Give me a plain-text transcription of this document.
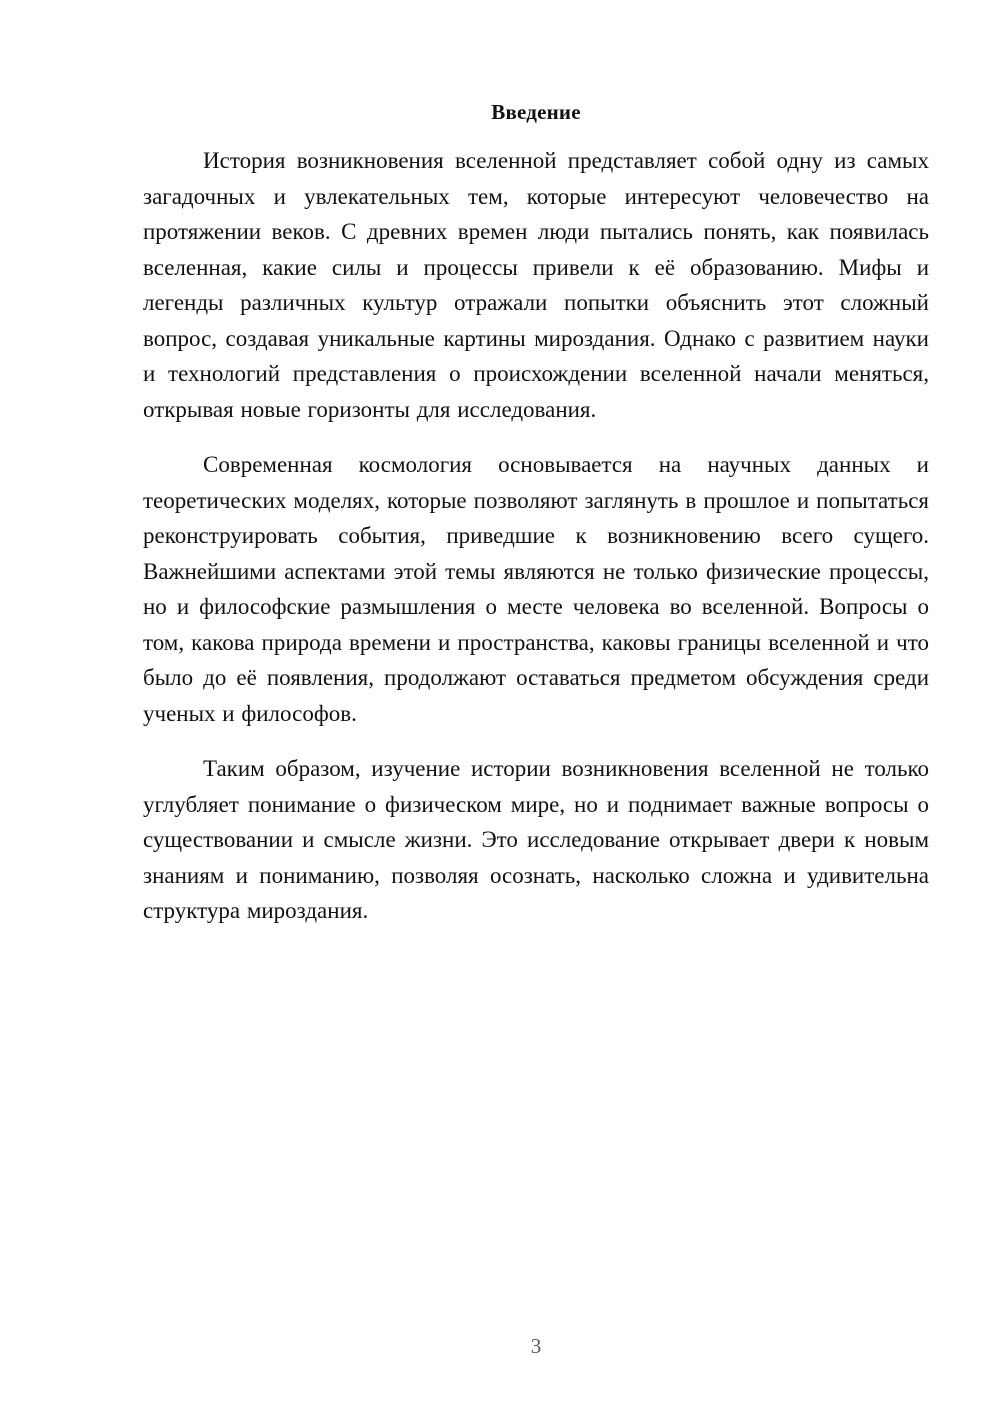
Введение

История возникновения вселенной представляет собой одну из самых загадочных и увлекательных тем, которые интересуют человечество на протяжении веков. С древних времен люди пытались понять, как появилась вселенная, какие силы и процессы привели к её образованию. Мифы и легенды различных культур отражали попытки объяснить этот сложный вопрос, создавая уникальные картины мироздания. Однако с развитием науки и технологий представления о происхождении вселенной начали меняться, открывая новые горизонты для исследования.

Современная космология основывается на научных данных и теоретических моделях, которые позволяют заглянуть в прошлое и попытаться реконструировать события, приведшие к возникновению всего сущего. Важнейшими аспектами этой темы являются не только физические процессы, но и философские размышления о месте человека во вселенной. Вопросы о том, какова природа времени и пространства, каковы границы вселенной и что было до её появления, продолжают оставаться предметом обсуждения среди ученых и философов.

Таким образом, изучение истории возникновения вселенной не только углубляет понимание о физическом мире, но и поднимает важные вопросы о существовании и смысле жизни. Это исследование открывает двери к новым знаниям и пониманию, позволяя осознать, насколько сложна и удивительна структура мироздания.

3
